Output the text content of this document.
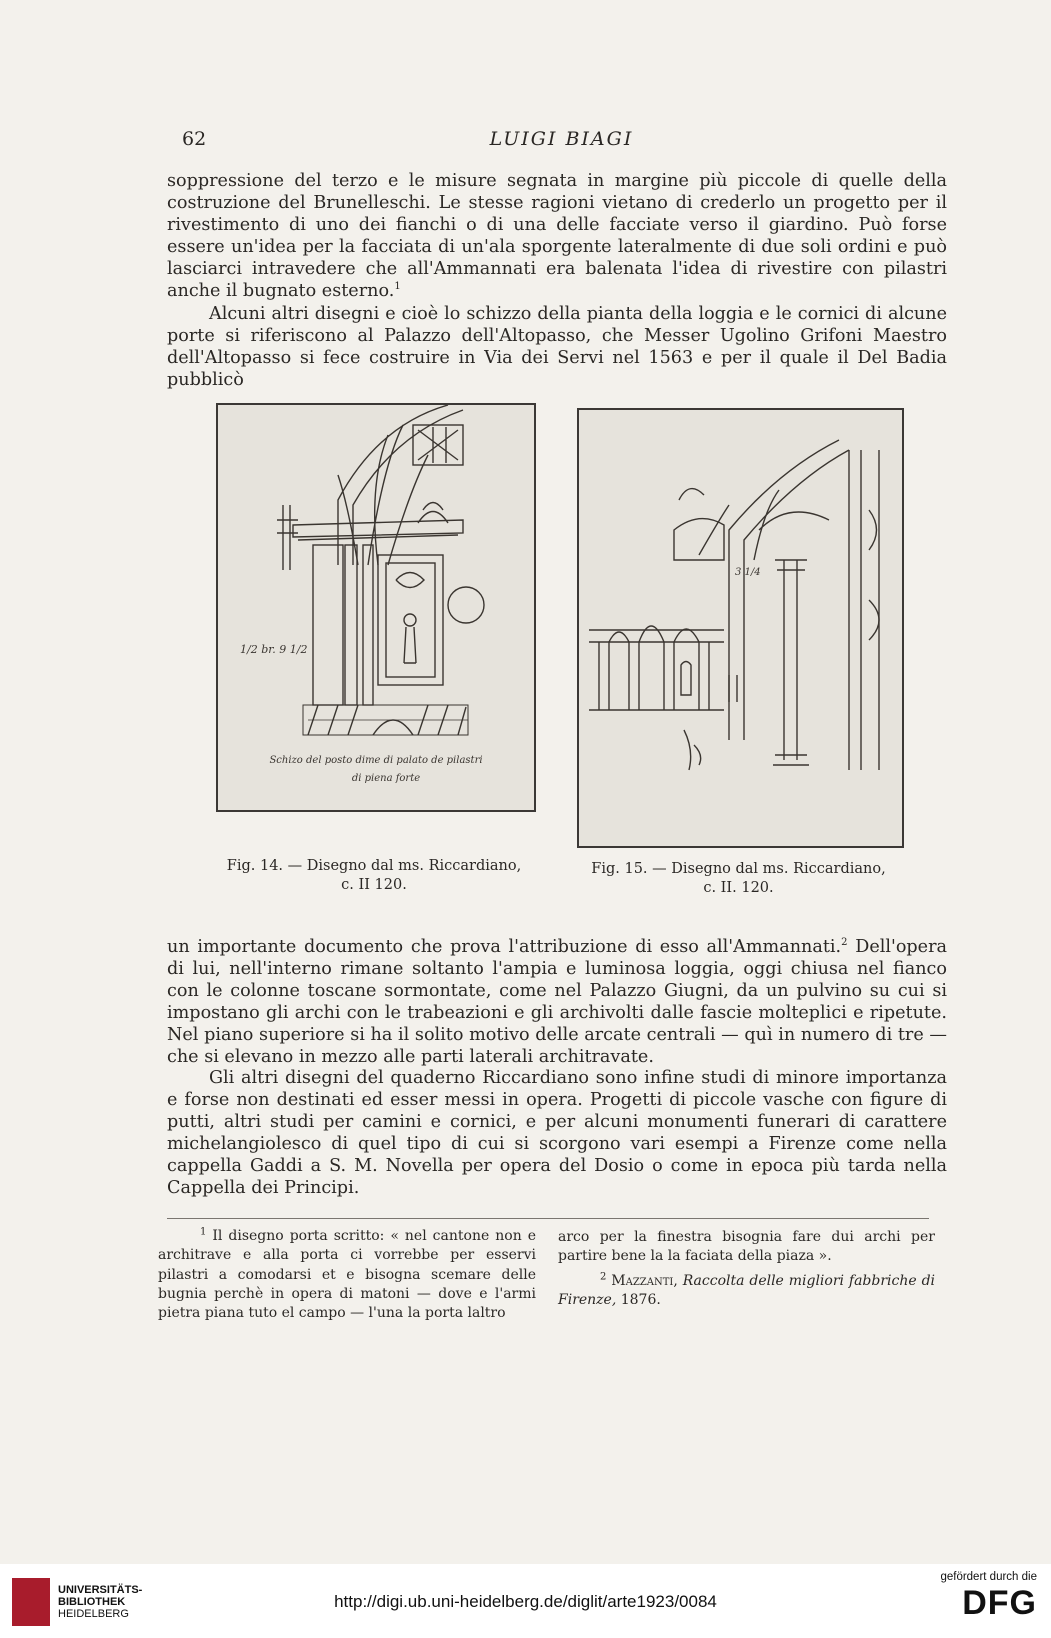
62	LUIGI BIAGI

soppressione del terzo e le misure segnata in margine più piccole di quelle della costruzione del Brunelleschi. Le stesse ragioni vietano di crederlo un progetto per il rivestimento di uno dei fianchi o di una delle facciate verso il giardino. Può forse essere un'idea per la facciata di un'ala sporgente lateralmente di due soli ordini e può lasciarci intravedere che all'Ammannati era balenata l'idea di rivestire con pilastri anche il bugnato esterno.$^1$

Alcuni altri disegni e cioè lo schizzo della pianta della loggia e le cornici di alcune porte si riferiscono al Palazzo dell'Altopasso, che Messer Ugolino Grifoni Maestro dell'Altopasso si fece costruire in Via dei Servi nel 1563 e per il quale il Del Badia pubblicò

1/2 br. 9 1/2
Schizo del posto dime di palato de pilastri
di piena forte
Fig. 14. — Disegno dal ms. Riccardiano,
c. II 120.
3 1/4
Fig. 15. — Disegno dal ms. Riccardiano,
c. II. 120.

un importante documento che prova l'attribuzione di esso all'Ammannati.$^2$ Dell'opera di lui, nell'interno rimane soltanto l'ampia e luminosa loggia, oggi chiusa nel fianco con le colonne toscane sormontate, come nel Palazzo Giugni, da un pulvino su cui si impostano gli archi con le trabeazioni e gli archivolti dalle fascie molteplici e ripetute. Nel piano superiore si ha il solito motivo delle arcate centrali — quì in numero di tre — che si elevano in mezzo alle parti laterali architravate.

Gli altri disegni del quaderno Riccardiano sono infine studi di minore importanza e forse non destinati ed esser messi in opera. Progetti di piccole vasche con figure di putti, altri studi per camini e cornici, e per alcuni monumenti funerari di carattere michelangiolesco di quel tipo di cui si scorgono vari esempi a Firenze come nella cappella Gaddi a S. M. Novella per opera del Dosio o come in epoca più tarda nella Cappella dei Principi.

$^1$ Il disegno porta scritto: « nel cantone non e architrave e alla porta ci vorrebbe per esservi pilastri a comodarsi et e bisogna scemare delle bugnia perchè in opera di matoni — dove e l'armi pietra piana tuto el campo — l'una la porta laltro

arco per la finestra bisognia fare dui archi per partire bene la la faciata della piaza ».

$^2$ Mazzanti, Raccolta delle migliori fabbriche di Firenze, 1876.

UNIVERSITÄTS-
BIBLIOTHEK
HEIDELBERG
http://digi.ub.uni-heidelberg.de/diglit/arte1923/0084
gefördert durch die
DFG
